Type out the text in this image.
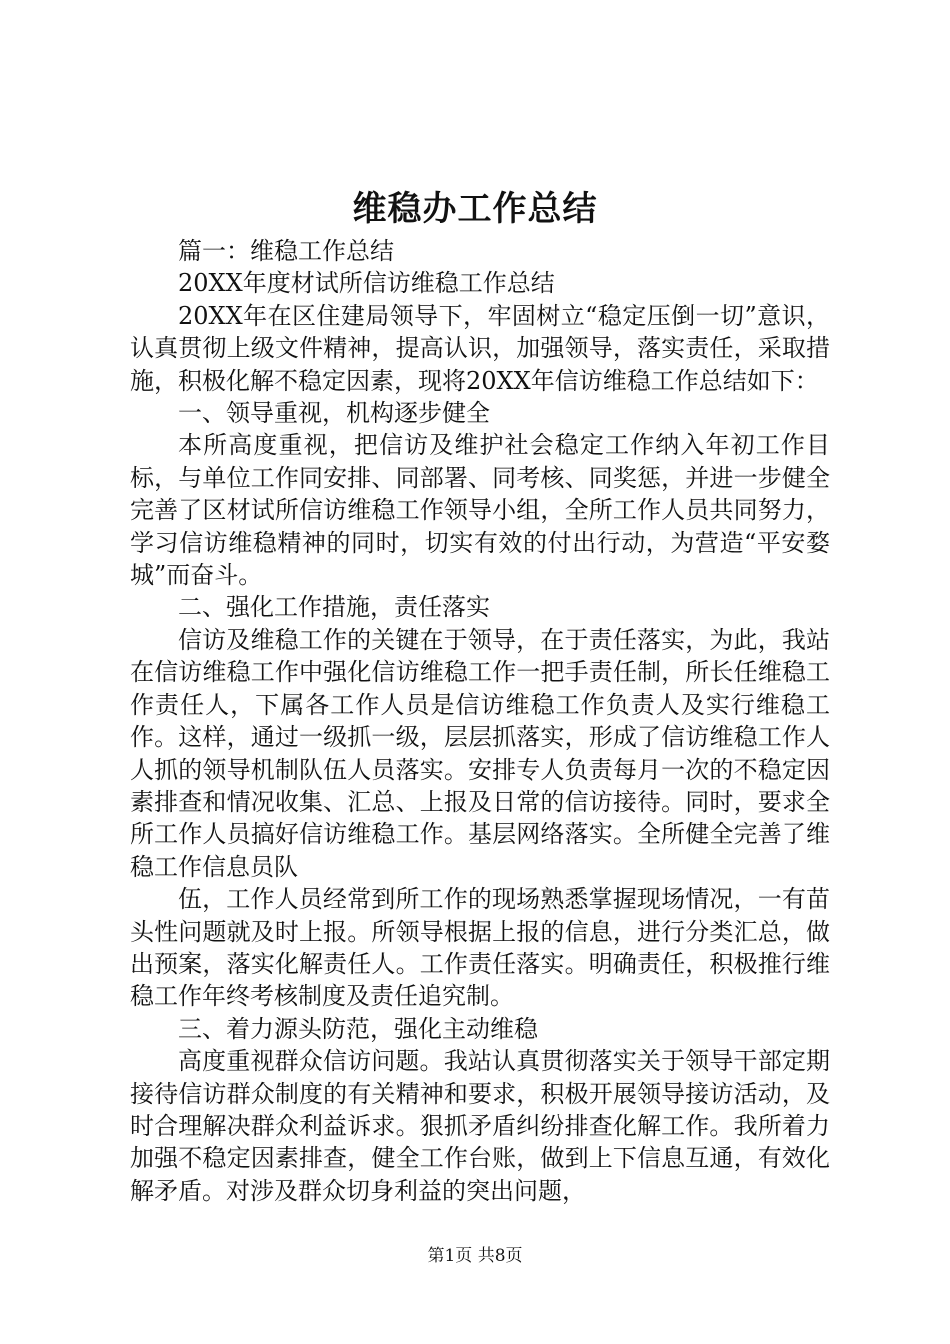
维稳办工作总结

篇一：维稳工作总结

20XX年度材试所信访维稳工作总结

20XX年在区住建局领导下，牢固树立“稳定压倒一切”意识，认真贯彻上级文件精神，提高认识，加强领导，落实责任，采取措施，积极化解不稳定因素，现将20XX年信访维稳工作总结如下：

一、领导重视，机构逐步健全

本所高度重视，把信访及维护社会稳定工作纳入年初工作目标，与单位工作同安排、同部署、同考核、同奖惩，并进一步健全完善了区材试所信访维稳工作领导小组，全所工作人员共同努力，学习信访维稳精神的同时，切实有效的付出行动，为营造“平安婺城”而奋斗。

二、强化工作措施，责任落实

信访及维稳工作的关键在于领导，在于责任落实，为此，我站在信访维稳工作中强化信访维稳工作一把手责任制，所长任维稳工作责任人，下属各工作人员是信访维稳工作负责人及实行维稳工作。这样，通过一级抓一级，层层抓落实，形成了信访维稳工作人人抓的领导机制队伍人员落实。安排专人负责每月一次的不稳定因素排查和情况收集、汇总、上报及日常的信访接待。同时，要求全所工作人员搞好信访维稳工作。基层网络落实。全所健全完善了维稳工作信息员队

伍，工作人员经常到所工作的现场熟悉掌握现场情况，一有苗头性问题就及时上报。所领导根据上报的信息，进行分类汇总，做出预案，落实化解责任人。工作责任落实。明确责任，积极推行维稳工作年终考核制度及责任追究制。

三、着力源头防范，强化主动维稳

高度重视群众信访问题。我站认真贯彻落实关于领导干部定期接待信访群众制度的有关精神和要求，积极开展领导接访活动，及时合理解决群众利益诉求。狠抓矛盾纠纷排查化解工作。我所着力加强不稳定因素排查，健全工作台账，做到上下信息互通，有效化解矛盾。对涉及群众切身利益的突出问题，

第1页 共8页
